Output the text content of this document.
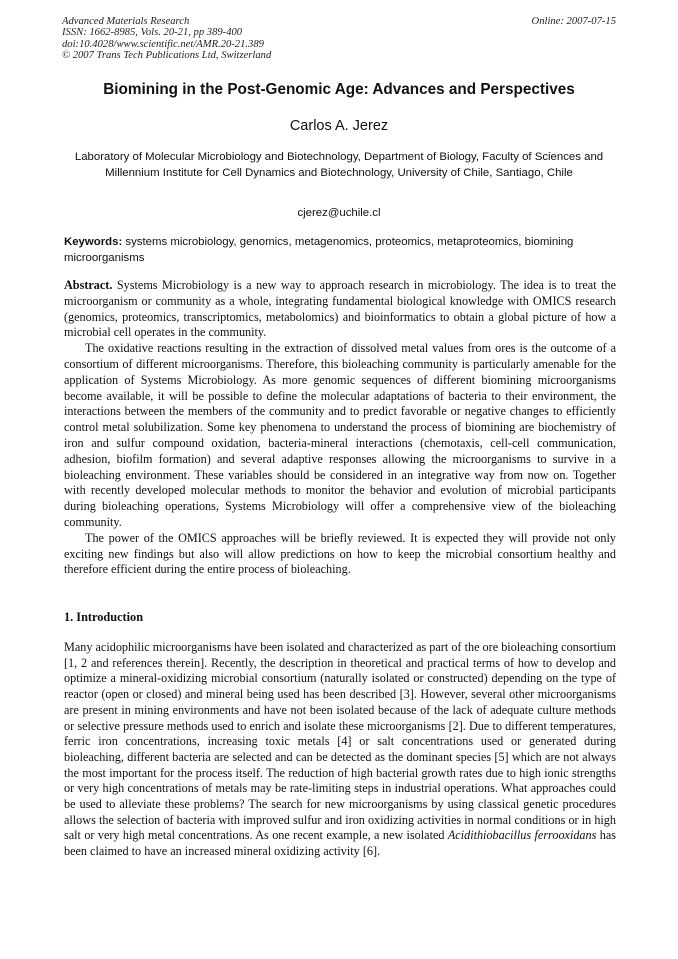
Advanced Materials Research
ISSN: 1662-8985, Vols. 20-21, pp 389-400
doi:10.4028/www.scientific.net/AMR.20-21.389
© 2007 Trans Tech Publications Ltd, Switzerland
Online: 2007-07-15
Biomining in the Post-Genomic Age: Advances and Perspectives
Carlos A. Jerez
Laboratory of Molecular Microbiology and Biotechnology, Department of Biology, Faculty of Sciences and Millennium Institute for Cell Dynamics and Biotechnology, University of Chile, Santiago, Chile
cjerez@uchile.cl
Keywords: systems microbiology, genomics, metagenomics, proteomics, metaproteomics, biomining microorganisms

Abstract. Systems Microbiology is a new way to approach research in microbiology. The idea is to treat the microorganism or community as a whole, integrating fundamental biological knowledge with OMICS research (genomics, proteomics, transcriptomics, metabolomics) and bioinformatics to obtain a global picture of how a microbial cell operates in the community.

The oxidative reactions resulting in the extraction of dissolved metal values from ores is the outcome of a consortium of different microorganisms. Therefore, this bioleaching community is particularly amenable for the application of Systems Microbiology. As more genomic sequences of different biomining microorganisms become available, it will be possible to define the molecular adaptations of bacteria to their environment, the interactions between the members of the community and to predict favorable or negative changes to efficiently control metal solubilization. Some key phenomena to understand the process of biomining are biochemistry of iron and sulfur compound oxidation, bacteria-mineral interactions (chemotaxis, cell-cell communication, adhesion, biofilm formation) and several adaptive responses allowing the microorganisms to survive in a bioleaching environment. These variables should be considered in an integrative way from now on. Together with recently developed molecular methods to monitor the behavior and evolution of microbial participants during bioleaching operations, Systems Microbiology will offer a comprehensive view of the bioleaching community.

The power of the OMICS approaches will be briefly reviewed. It is expected they will provide not only exciting new findings but also will allow predictions on how to keep the microbial consortium healthy and therefore efficient during the entire process of bioleaching.

1. Introduction

Many acidophilic microorganisms have been isolated and characterized as part of the ore bioleaching consortium [1, 2 and references therein]. Recently, the description in theoretical and practical terms of how to develop and optimize a mineral-oxidizing microbial consortium (naturally isolated or constructed) depending on the type of reactor (open or closed) and mineral being used has been described [3]. However, several other microorganisms are present in mining environments and have not been isolated because of the lack of adequate culture methods or selective pressure methods used to enrich and isolate these microorganisms [2]. Due to different temperatures, ferric iron concentrations, increasing toxic metals [4] or salt concentrations used or generated during bioleaching, different bacteria are selected and can be detected as the dominant species [5] which are not always the most important for the process itself. The reduction of high bacterial growth rates due to high ionic strengths or very high concentrations of metals may be rate-limiting steps in industrial operations. What approaches could be used to alleviate these problems? The search for new microorganisms by using classical genetic procedures allows the selection of bacteria with improved sulfur and iron oxidizing activities in normal conditions or in high salt or very high metal concentrations. As one recent example, a new isolated Acidithiobacillus ferrooxidans has been claimed to have an increased mineral oxidizing activity [6].
